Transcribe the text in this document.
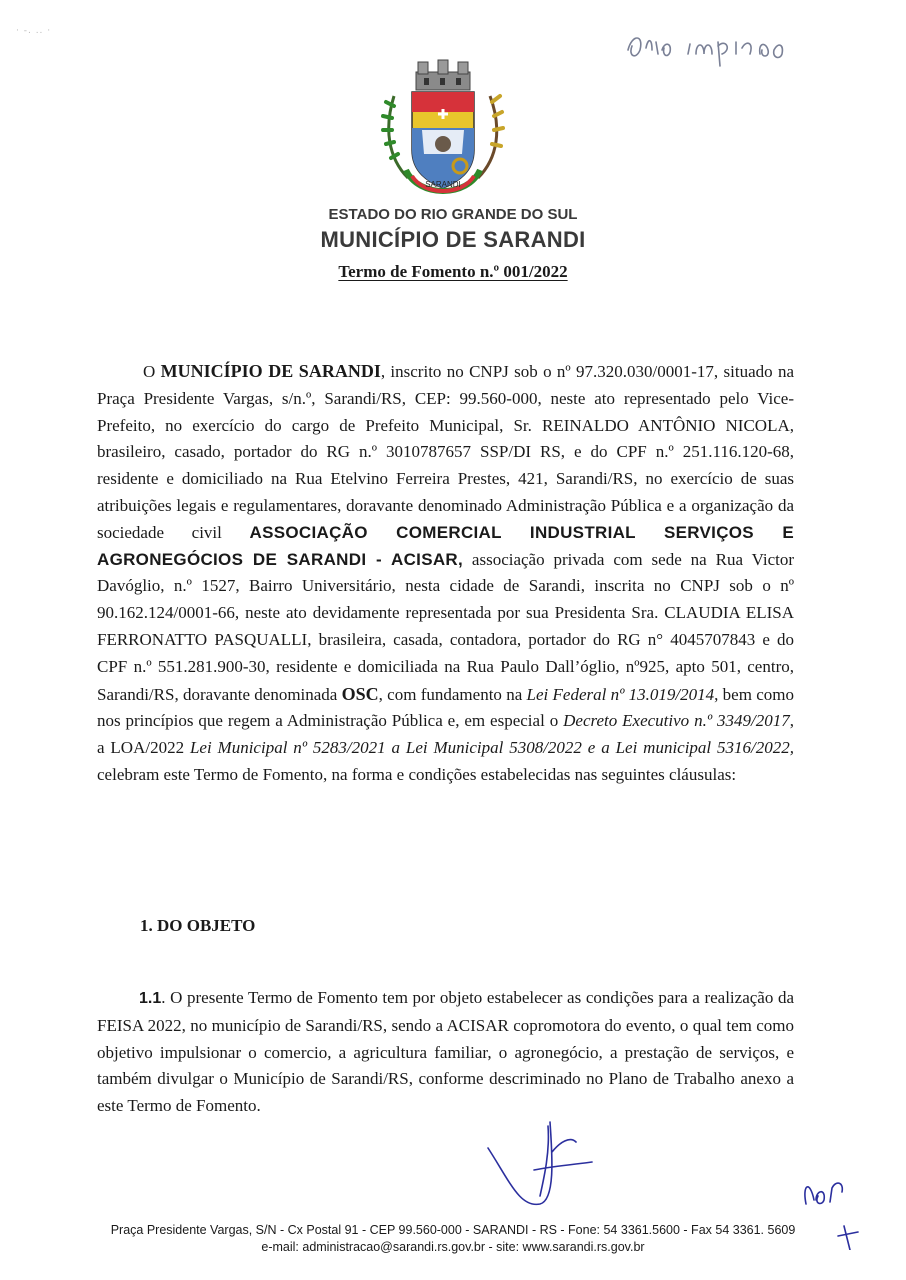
· -. .. ·
SARANDI
ESTADO DO RIO GRANDE DO SUL
MUNICÍPIO DE SARANDI
Termo de Fomento n.º 001/2022

O MUNICÍPIO DE SARANDI, inscrito no CNPJ sob o nº 97.320.030/0001-17, situado na Praça Presidente Vargas, s/n.º, Sarandi/RS, CEP: 99.560-000, neste ato representado pelo Vice-Prefeito, no exercício do cargo de Prefeito Municipal, Sr. REINALDO ANTÔNIO NICOLA, brasileiro, casado, portador do RG n.º 3010787657 SSP/DI RS, e do CPF n.º 251.116.120-68, residente e domiciliado na Rua Etelvino Ferreira Prestes, 421, Sarandi/RS, no exercício de suas atribuições legais e regulamentares, doravante denominado Administração Pública e a organização da sociedade civil ASSOCIAÇÃO COMERCIAL INDUSTRIAL SERVIÇOS E AGRONEGÓCIOS DE SARANDI - ACISAR, associação privada com sede na Rua Victor Davóglio, n.º 1527, Bairro Universitário, nesta cidade de Sarandi, inscrita no CNPJ sob o nº 90.162.124/0001-66, neste ato devidamente representada por sua Presidenta Sra. CLAUDIA ELISA FERRONATTO PASQUALLI, brasileira, casada, contadora, portador do RG n° 4045707843 e do CPF n.º 551.281.900-30, residente e domiciliada na Rua Paulo Dall’óglio, nº925, apto 501, centro, Sarandi/RS, doravante denominada OSC, com fundamento na Lei Federal nº 13.019/2014, bem como nos princípios que regem a Administração Pública e, em especial o Decreto Executivo n.º 3349/2017, a LOA/2022 Lei Municipal nº 5283/2021 a Lei Municipal 5308/2022 e a Lei municipal 5316/2022, celebram este Termo de Fomento, na forma e condições estabelecidas nas seguintes cláusulas:

1. DO OBJETO

1.1. O presente Termo de Fomento tem por objeto estabelecer as condições para a realização da FEISA 2022, no município de Sarandi/RS, sendo a ACISAR copromotora do evento, o qual tem como objetivo impulsionar o comercio, a agricultura familiar, o agronegócio, a prestação de serviços, e também divulgar o Município de Sarandi/RS, conforme descriminado no Plano de Trabalho anexo a este Termo de Fomento.

Praça Presidente Vargas, S/N - Cx Postal 91 - CEP 99.560-000 - SARANDI - RS - Fone: 54 3361.5600 - Fax 54 3361. 5609
e-mail: administracao@sarandi.rs.gov.br - site: www.sarandi.rs.gov.br
